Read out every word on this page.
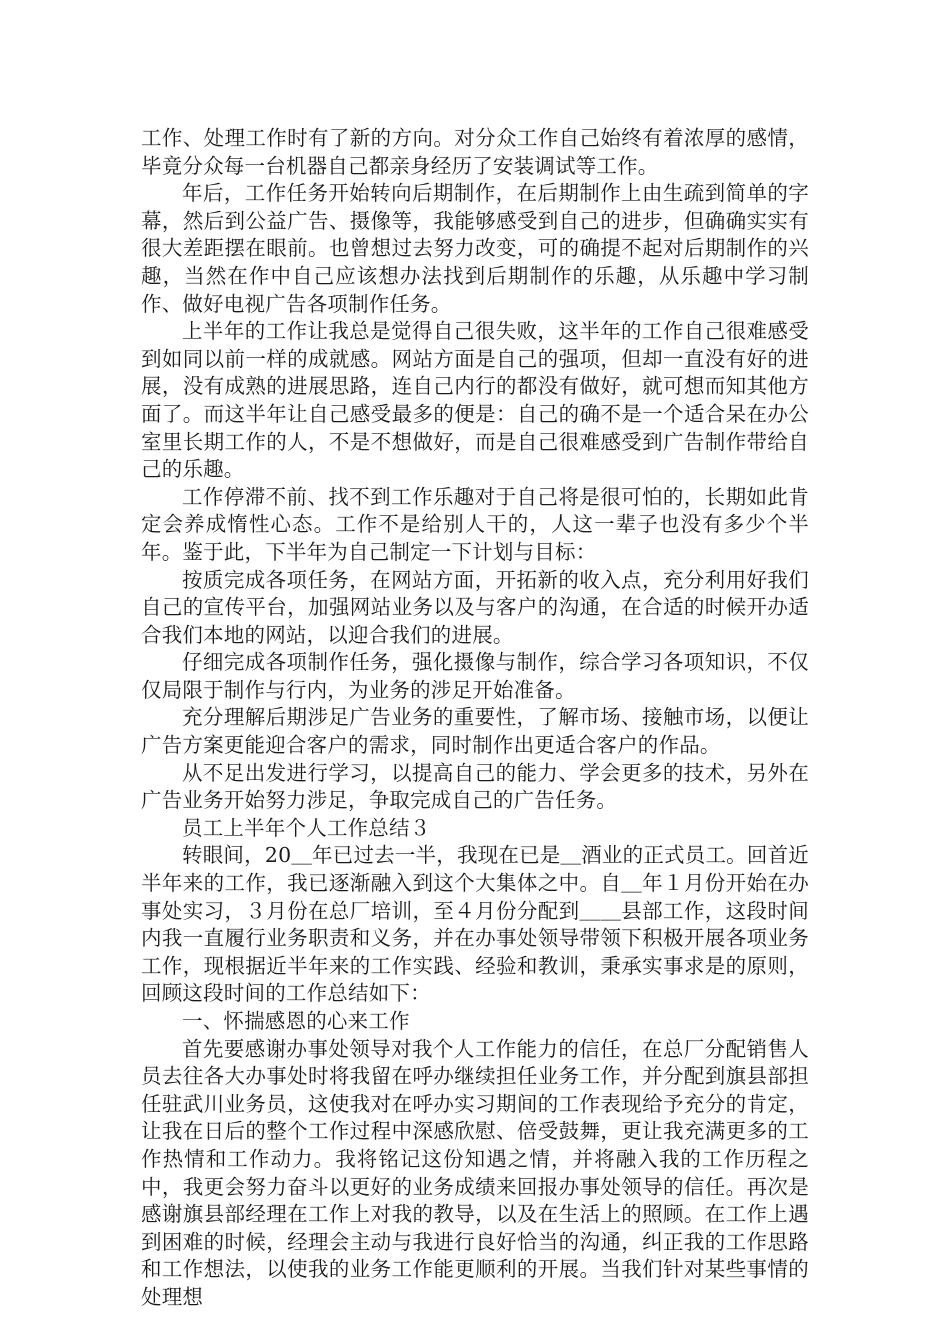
工作、处理工作时有了新的方向。对分众工作自己始终有着浓厚的感情，毕竟分众每一台机器自己都亲身经历了安装调试等工作。

年后，工作任务开始转向后期制作，在后期制作上由生疏到简单的字幕，然后到公益广告、摄像等，我能够感受到自己的进步，但确确实实有很大差距摆在眼前。也曾想过去努力改变，可的确提不起对后期制作的兴趣，当然在作中自己应该想办法找到后期制作的乐趣，从乐趣中学习制作、做好电视广告各项制作任务。

上半年的工作让我总是觉得自己很失败，这半年的工作自己很难感受到如同以前一样的成就感。网站方面是自己的强项，但却一直没有好的进展，没有成熟的进展思路，连自己内行的都没有做好，就可想而知其他方面了。而这半年让自己感受最多的便是：自己的确不是一个适合呆在办公室里长期工作的人，不是不想做好，而是自己很难感受到广告制作带给自己的乐趣。

工作停滞不前、找不到工作乐趣对于自己将是很可怕的，长期如此肯定会养成惰性心态。工作不是给别人干的，人这一辈子也没有多少个半年。鉴于此，下半年为自己制定一下计划与目标：

按质完成各项任务，在网站方面，开拓新的收入点，充分利用好我们自己的宣传平台，加强网站业务以及与客户的沟通，在合适的时候开办适合我们本地的网站，以迎合我们的进展。

仔细完成各项制作任务，强化摄像与制作，综合学习各项知识，不仅仅局限于制作与行内，为业务的涉足开始准备。

充分理解后期涉足广告业务的重要性，了解市场、接触市场，以便让广告方案更能迎合客户的需求，同时制作出更适合客户的作品。

从不足出发进行学习，以提高自己的能力、学会更多的技术，另外在广告业务开始努力涉足，争取完成自己的广告任务。

员工上半年个人工作总结３

转眼间，20＿年已过去一半，我现在已是＿酒业的正式员工。回首近半年来的工作，我已逐渐融入到这个大集体之中。自＿年１月份开始在办事处实习，３月份在总厂培训，至４月份分配到＿＿县部工作，这段时间内我一直履行业务职责和义务，并在办事处领导带领下积极开展各项业务工作，现根据近半年来的工作实践、经验和教训，秉承实事求是的原则，回顾这段时间的工作总结如下：

一、怀揣感恩的心来工作

首先要感谢办事处领导对我个人工作能力的信任，在总厂分配销售人员去往各大办事处时将我留在呼办继续担任业务工作，并分配到旗县部担任驻武川业务员，这使我对在呼办实习期间的工作表现给予充分的肯定，让我在日后的整个工作过程中深感欣慰、倍受鼓舞，更让我充满更多的工作热情和工作动力。我将铭记这份知遇之情，并将融入我的工作历程之中，我更会努力奋斗以更好的业务成绩来回报办事处领导的信任。再次是感谢旗县部经理在工作上对我的教导，以及在生活上的照顾。在工作上遇到困难的时候，经理会主动与我进行良好恰当的沟通，纠正我的工作思路和工作想法，以使我的业务工作能更顺利的开展。当我们针对某些事情的处理想
